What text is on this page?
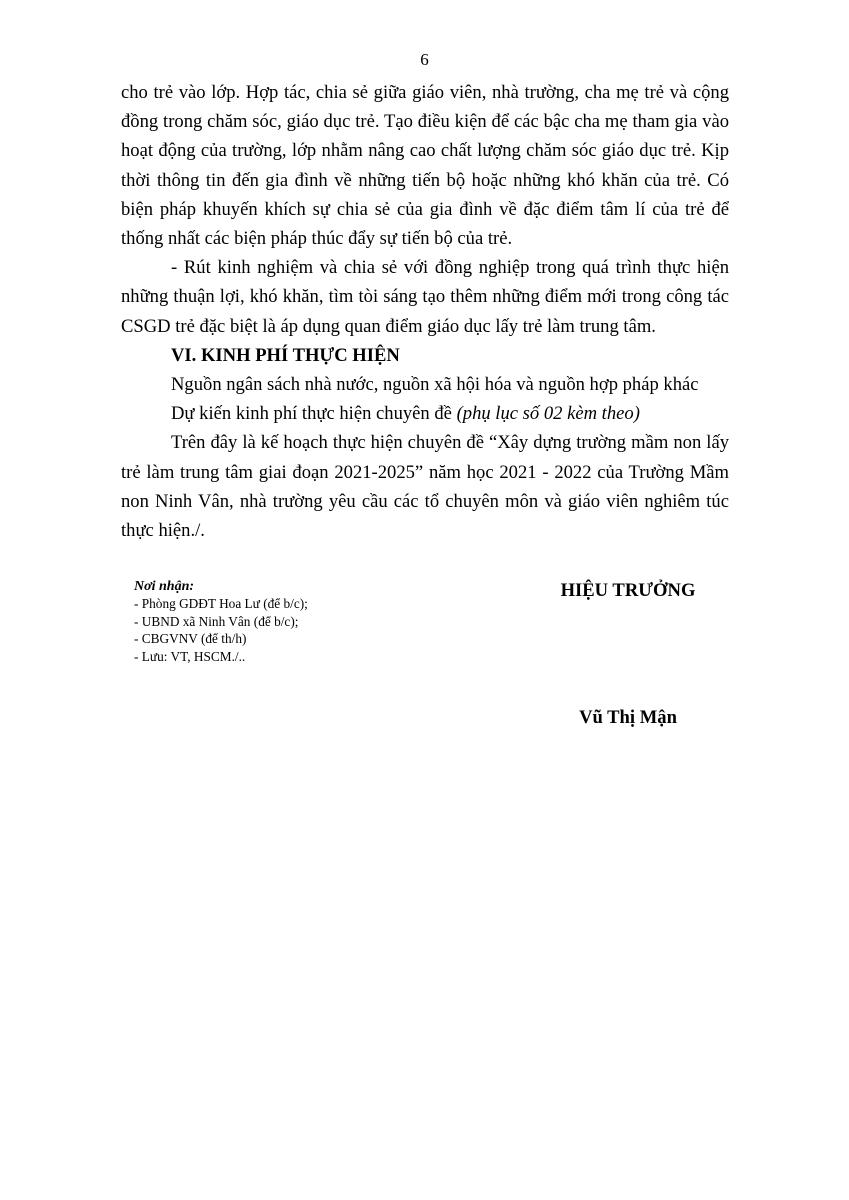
6

cho trẻ vào lớp. Hợp tác, chia sẻ giữa giáo viên, nhà trường, cha mẹ trẻ và cộng đồng trong chăm sóc, giáo dục trẻ. Tạo điều kiện để các bậc cha mẹ tham gia vào hoạt động của trường, lớp nhằm nâng cao chất lượng chăm sóc giáo dục trẻ. Kịp thời thông tin đến gia đình về những tiến bộ hoặc những khó khăn của trẻ. Có biện pháp khuyến khích sự chia sẻ của gia đình về đặc điểm tâm lí của trẻ để thống nhất các biện pháp thúc đẩy sự tiến bộ của trẻ.

- Rút kinh nghiệm và chia sẻ với đồng nghiệp trong quá trình thực hiện những thuận lợi, khó khăn, tìm tòi sáng tạo thêm những điểm mới trong công tác CSGD trẻ đặc biệt là áp dụng quan điểm giáo dục lấy trẻ làm trung tâm.

VI. KINH PHÍ THỰC HIỆN

Nguồn ngân sách nhà nước, nguồn xã hội hóa và nguồn hợp pháp khác

Dự kiến kinh phí thực hiện chuyên đề (phụ lục số 02 kèm theo)

Trên đây là kế hoạch thực hiện chuyên đề “Xây dựng trường mầm non lấy trẻ làm trung tâm giai đoạn 2021-2025” năm học 2021 - 2022 của Trường Mầm non Ninh Vân, nhà trường yêu cầu các tổ chuyên môn và giáo viên nghiêm túc thực hiện./.

Nơi nhận:
- Phòng GDĐT Hoa Lư (để b/c);
- UBND xã Ninh Vân (để b/c);
- CBGVNV (để th/h)
- Lưu: VT, HSCM./..
HIỆU TRƯỞNG
Vũ Thị Mận
